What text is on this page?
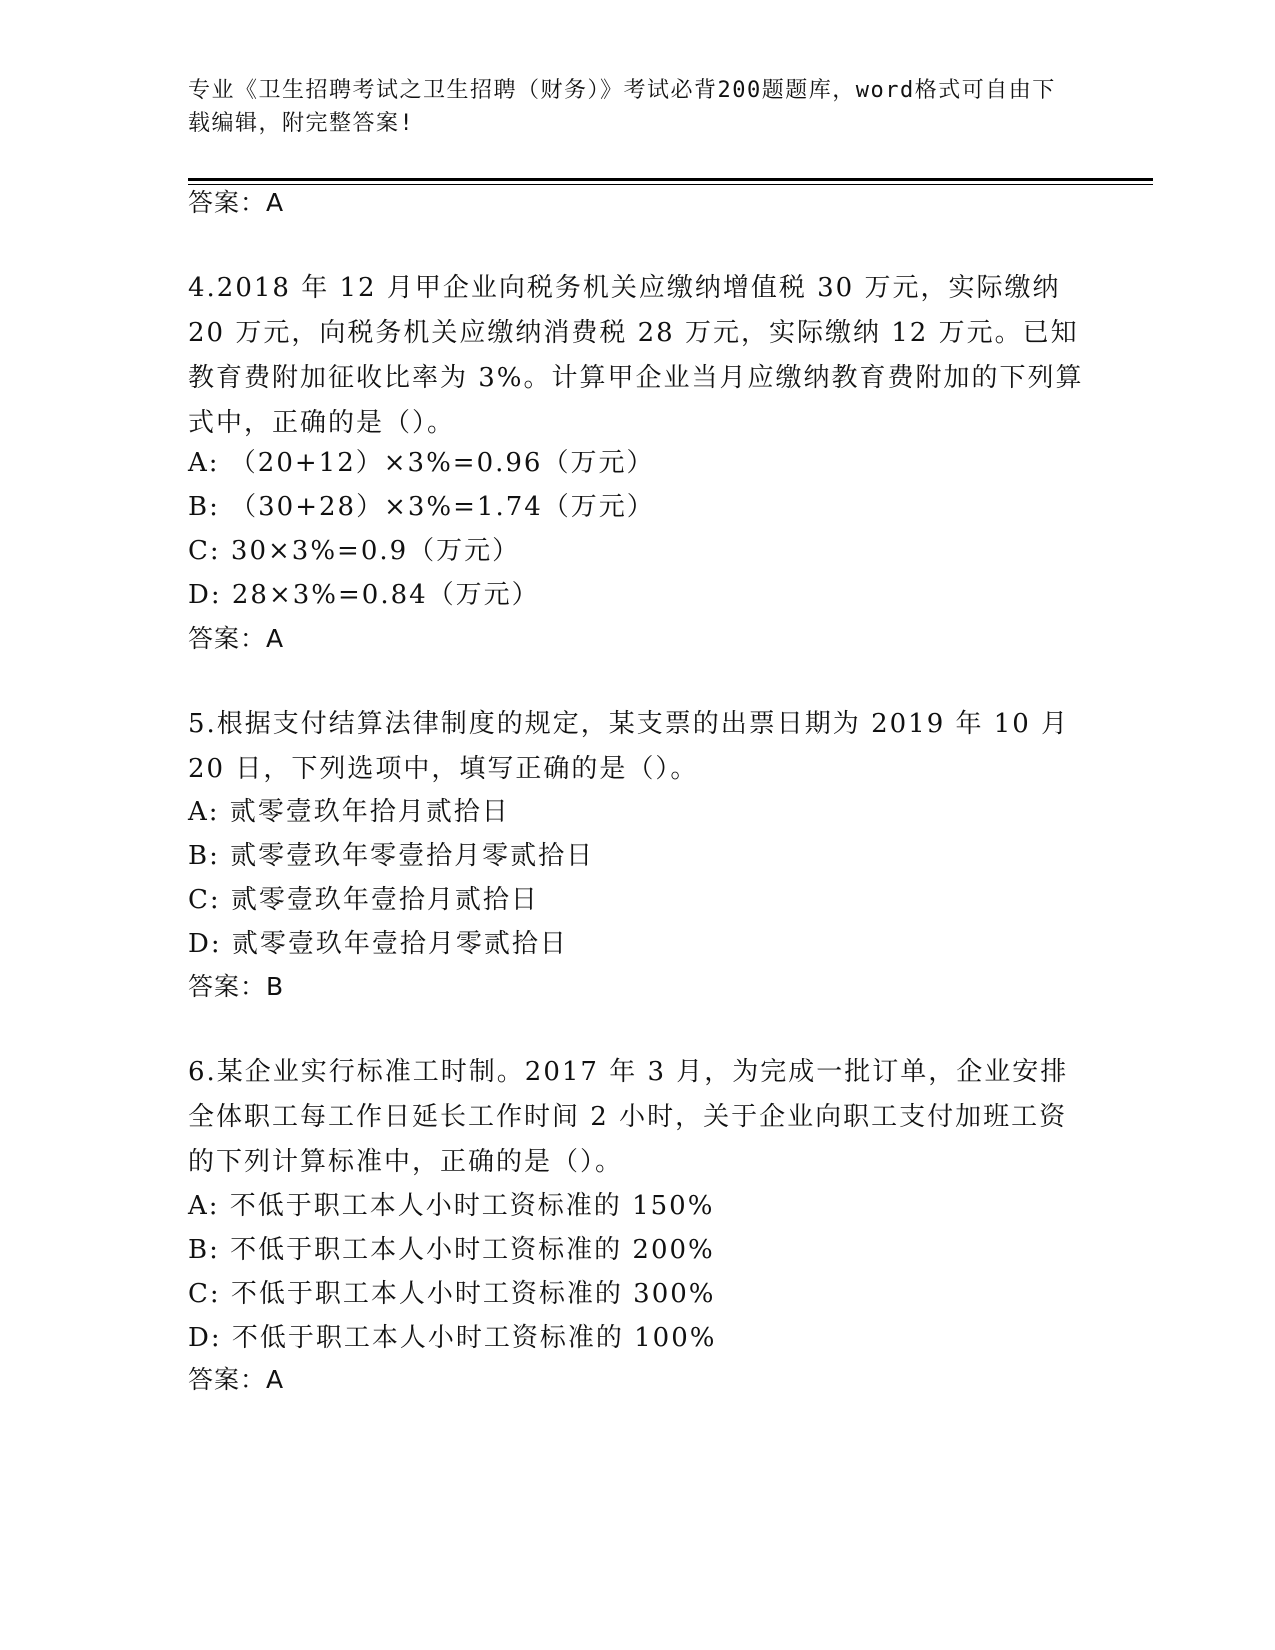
专业《卫生招聘考试之卫生招聘（财务）》考试必背200题题库，word格式可自由下载编辑，附完整答案!
答案：A
4.2018 年 12 月甲企业向税务机关应缴纳增值税 30 万元，实际缴纳 20 万元，向税务机关应缴纳消费税 28 万元，实际缴纳 12 万元。已知教育费附加征收比率为 3%。计算甲企业当月应缴纳教育费附加的下列算式中，正确的是（）。
A: （20+12）×3%=0.96（万元）
B: （30+28）×3%=1.74（万元）
C: 30×3%=0.9（万元）
D: 28×3%=0.84（万元）
答案：A
5.根据支付结算法律制度的规定，某支票的出票日期为 2019 年 10 月 20 日，下列选项中，填写正确的是（）。
A: 贰零壹玖年拾月贰拾日
B: 贰零壹玖年零壹拾月零贰拾日
C: 贰零壹玖年壹拾月贰拾日
D: 贰零壹玖年壹拾月零贰拾日
答案：B
6.某企业实行标准工时制。2017 年 3 月，为完成一批订单，企业安排全体职工每工作日延长工作时间 2 小时，关于企业向职工支付加班工资的下列计算标准中，正确的是（）。
A: 不低于职工本人小时工资标准的 150%
B: 不低于职工本人小时工资标准的 200%
C: 不低于职工本人小时工资标准的 300%
D: 不低于职工本人小时工资标准的 100%
答案：A
